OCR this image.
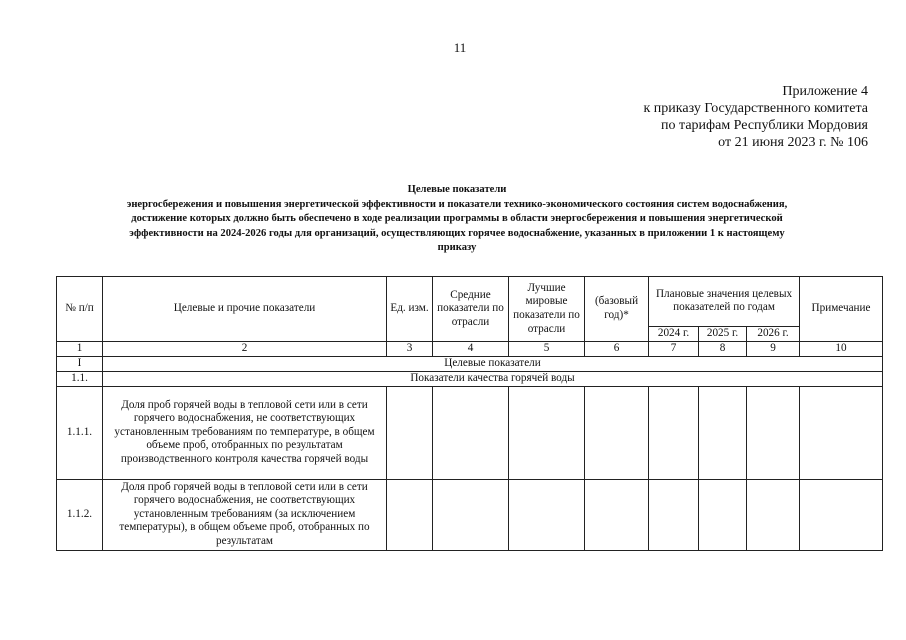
11
Приложение 4
к приказу Государственного комитета
по тарифам Республики Мордовия
от 21 июня 2023 г. № 106
Целевые показатели
энергосбережения и повышения энергетической эффективности и показатели технико-экономического состояния систем водоснабжения,
достижение которых должно быть обеспечено в ходе реализации программы в области энергосбережения и повышения энергетической
эффективности на 2024-2026 годы для организаций, осуществляющих горячее водоснабжение, указанных в приложении 1 к настоящему
приказу
№ п/п	Целевые и прочие показатели	Ед. изм.	Средние показатели по отрасли	Лучшие мировые показатели по отрасли	(базовый год)*	Плановые значения целевых показателей по годам			Примечание
						2024 г.	2025 г.	2026 г.	
1	2	3	4	5	6	7	8	9	10
I	Целевые показатели								
1.1.	Показатели качества горячей воды								
1.1.1.	Доля проб горячей воды в тепловой сети или в сети горячего водоснабжения, не соответствующих установленным требованиям по температуре, в общем объеме проб, отобранных по результатам производственного контроля качества горячей воды								
1.1.2.	Доля проб горячей воды в тепловой сети или в сети горячего водоснабжения, не соответствующих установленным требованиям (за исключением температуры), в общем объеме проб, отобранных по результатам								
